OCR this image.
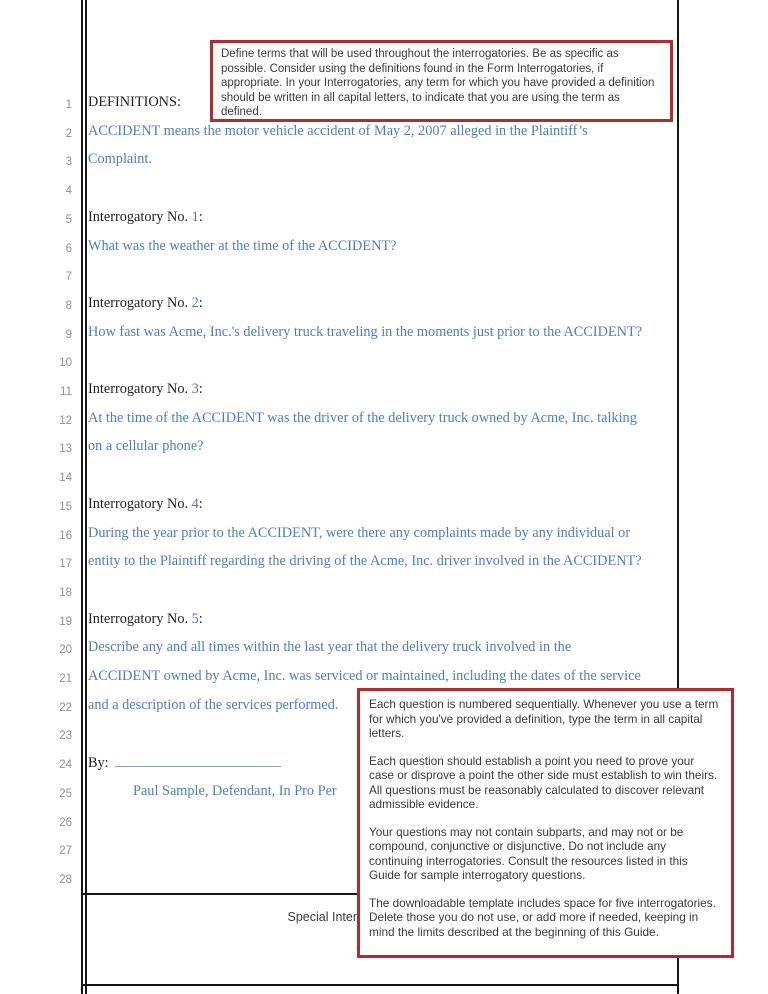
1
2
3
4
5
6
7
8
9
10
11
12
13
14
15
16
17
18
19
20
21
22
23
24
25
26
27
28
DEFINITIONS:
ACCIDENT means the motor vehicle accident of May 2, 2007 alleged in the Plaintiff’s
Complaint.
Interrogatory No. 1:
What was the weather at the time of the ACCIDENT?
Interrogatory No. 2:
How fast was Acme, Inc.'s delivery truck traveling in the moments just prior to the ACCIDENT?
Interrogatory No. 3:
At the time of the ACCIDENT was the driver of the delivery truck owned by Acme, Inc. talking
on a cellular phone?
Interrogatory No. 4:
During the year prior to the ACCIDENT, were there any complaints made by any individual or
entity to the Plaintiff regarding the driving of the Acme, Inc. driver involved in the ACCIDENT?
Interrogatory No. 5:
Describe any and all times within the last year that the delivery truck involved in the
ACCIDENT owned by Acme, Inc. was serviced or maintained, including the dates of the service
and a description of the services performed.
By:
Paul Sample, Defendant, In Pro Per
Special Inter

Define terms that will be used throughout the interrogatories. Be as specific as possible. Consider using the definitions found in the Form Interrogatories, if appropriate. In your Interrogatories, any term for which you have provided a definition should be written in all capital letters, to indicate that you are using the term as defined.

Each question is numbered sequentially. Whenever you use a term for which you've provided a definition, type the term in all capital letters.

Each question should establish a point you need to prove your case or disprove a point the other side must establish to win theirs. All questions must be reasonably calculated to discover relevant admissible evidence.

Your questions may not contain subparts, and may not or be compound, conjunctive or disjunctive. Do not include any continuing interrogatories. Consult the resources listed in this Guide for sample interrogatory questions.

The downloadable template includes space for five interrogatories. Delete those you do not use, or add more if needed, keeping in mind the limits described at the beginning of this Guide.
